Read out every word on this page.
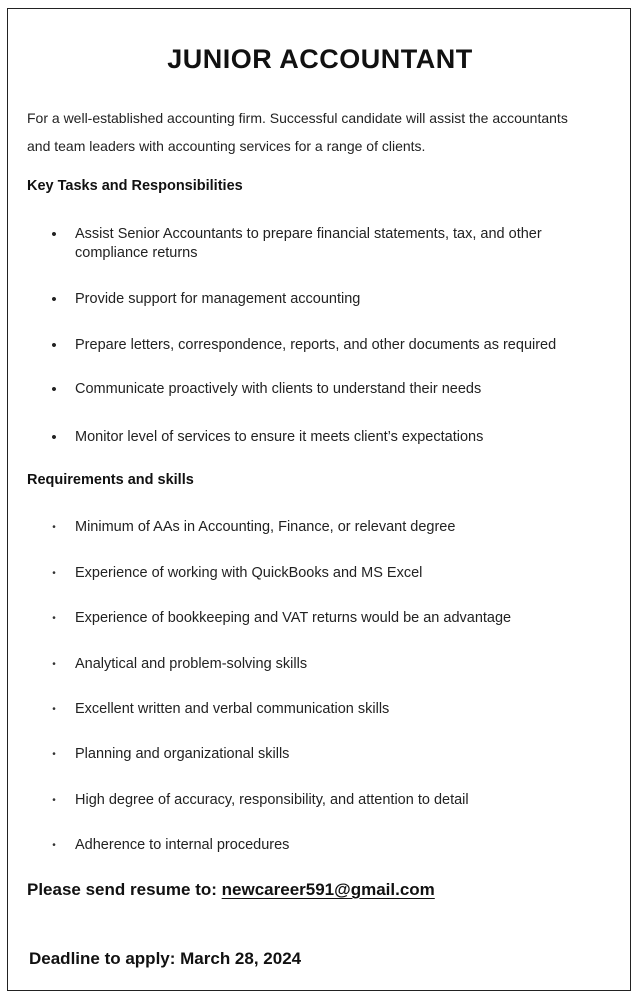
JUNIOR ACCOUNTANT
For a well-established accounting firm. Successful candidate will assist the accountants
and team leaders with accounting services for a range of clients.
Key Tasks and Responsibilities
•	Assist Senior Accountants to prepare financial statements, tax, and other
compliance returns
•	Provide support for management accounting
•	Prepare letters, correspondence, reports, and other documents as required
•	Communicate proactively with clients to understand their needs
•	Monitor level of services to ensure it meets client’s expectations
Requirements and skills
•	Minimum of AAs in Accounting, Finance, or relevant degree
•	Experience of working with QuickBooks and MS Excel
•	Experience of bookkeeping and VAT returns would be an advantage
•	Analytical and problem-solving skills
•	Excellent written and verbal communication skills
•	Planning and organizational skills
•	High degree of accuracy, responsibility, and attention to detail
•	Adherence to internal procedures
Please send resume to: newcareer591@gmail.com
Deadline to apply: March 28, 2024
